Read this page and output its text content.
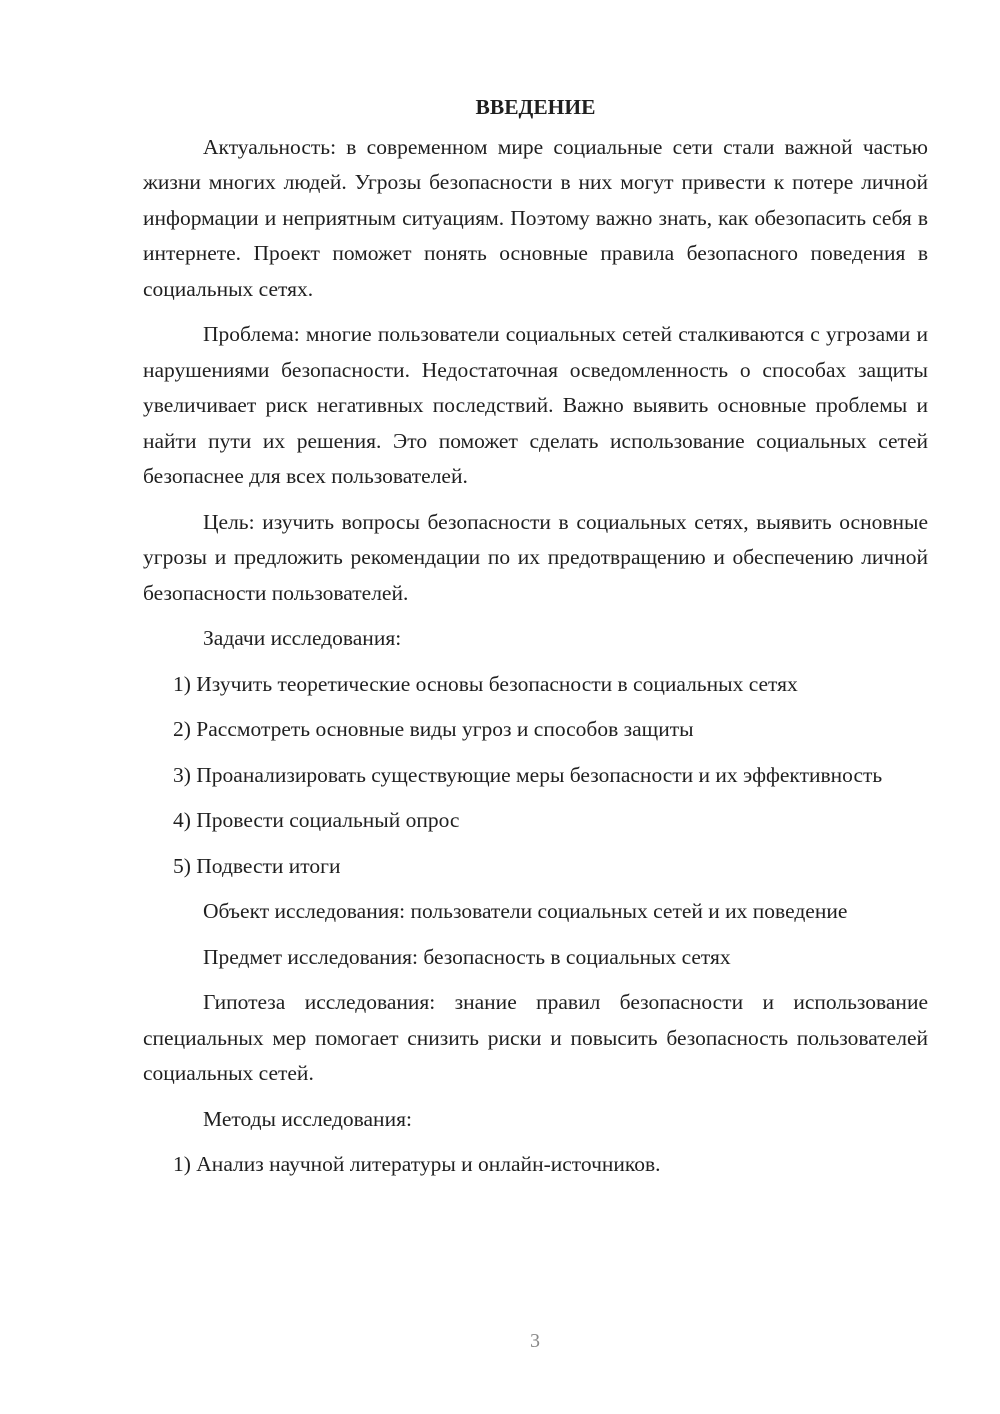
ВВЕДЕНИЕ

Актуальность: в современном мире социальные сети стали важной частью жизни многих людей. Угрозы безопасности в них могут привести к потере личной информации и неприятным ситуациям. Поэтому важно знать, как обезопасить себя в интернете. Проект поможет понять основные правила безопасного поведения в социальных сетях.

Проблема: многие пользователи социальных сетей сталкиваются с угрозами и нарушениями безопасности. Недостаточная осведомленность о способах защиты увеличивает риск негативных последствий. Важно выявить основные проблемы и найти пути их решения. Это поможет сделать использование социальных сетей безопаснее для всех пользователей.

Цель: изучить вопросы безопасности в социальных сетях, выявить основные угрозы и предложить рекомендации по их предотвращению и обеспечению личной безопасности пользователей.

Задачи исследования:

1) Изучить теоретические основы безопасности в социальных сетях
2) Рассмотреть основные виды угроз и способов защиты
3) Проанализировать существующие меры безопасности и их эффективность
4) Провести социальный опрос
5) Подвести итоги

Объект исследования: пользователи социальных сетей и их поведение

Предмет исследования: безопасность в социальных сетях

Гипотеза исследования: знание правил безопасности и использование специальных мер помогает снизить риски и повысить безопасность пользователей социальных сетей.

Методы исследования:

1) Анализ научной литературы и онлайн-источников.
3
